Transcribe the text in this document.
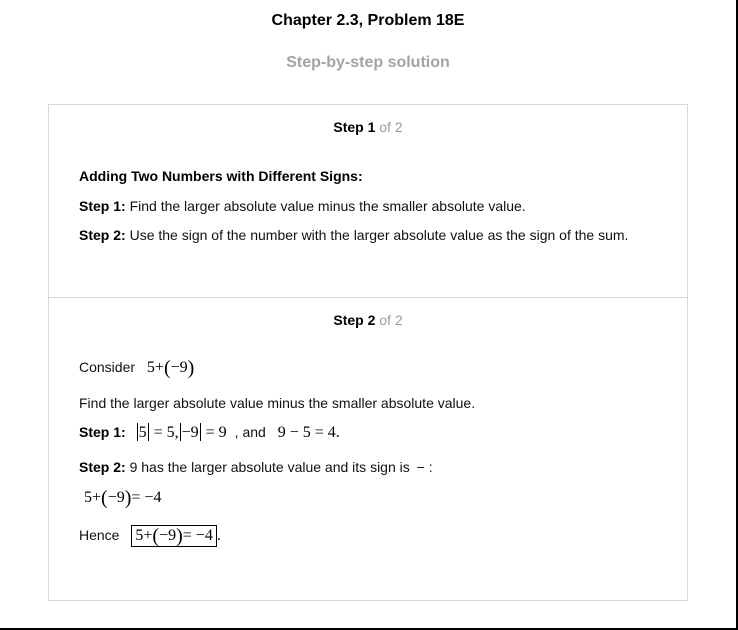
Chapter 2.3, Problem 18E
Step-by-step solution
Step 1 of 2
Adding Two Numbers with Different Signs:
Step 1: Find the larger absolute value minus the smaller absolute value.
Step 2: Use the sign of the number with the larger absolute value as the sign of the sum.
Step 2 of 2
Consider 5+(−9)
Find the larger absolute value minus the smaller absolute value.
Step 1: 5 = 5, −9 = 9 , and 9 − 5 = 4.
Step 2: 9 has the larger absolute value and its sign is − :
5+(−9)= −4
Hence 5+(−9)= −4 .
